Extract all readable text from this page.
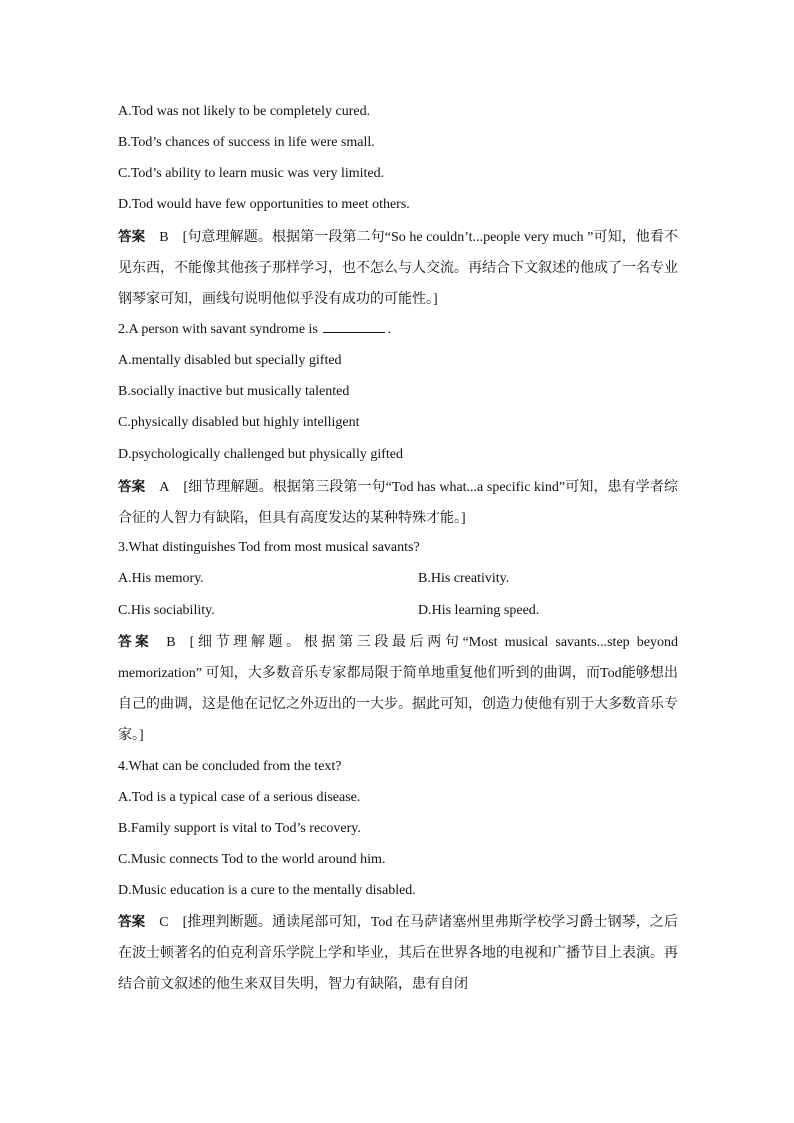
A.Tod was not likely to be completely cured.
B.Tod’s chances of success in life were small.
C.Tod’s ability to learn music was very limited.
D.Tod would have few opportunities to meet others.
答案 B [句意理解题。根据第一段第二句“So he couldn’t...people very much ”可知，他看不见东西，不能像其他孩子那样学习，也不怎么与人交流。再结合下文叙述的他成了一名专业钢琴家可知，画线句说明他似乎没有成功的可能性。]
2.A person with savant syndrome is	.
A.mentally disabled but specially gifted
B.socially inactive but musically talented
C.physically disabled but highly intelligent
D.psychologically challenged but physically gifted
答案 A [细节理解题。根据第三段第一句“Tod has what...a specific kind”可知，患有学者综合征的人智力有缺陷，但具有高度发达的某种特殊才能。]
3.What distinguishes Tod from most musical savants?
A.His memory.	B.His creativity.
C.His sociability.	D.His learning speed.
答案 B [细节理解题。根据第三段最后两句“Most musical savants...step beyond memorization” 可知，大多数音乐专家都局限于简单地重复他们听到的曲调，而Tod能够想出自己的曲调，这是他在记忆之外迈出的一大步。据此可知，创造力使他有别于大多数音乐专家。]
4.What can be concluded from the text?
A.Tod is a typical case of a serious disease.
B.Family support is vital to Tod’s recovery.
C.Music connects Tod to the world around him.
D.Music education is a cure to the mentally disabled.
答案 C [推理判断题。通读尾部可知，Tod 在马萨诸塞州里弗斯学校学习爵士钢琴，之后在波士顿著名的伯克利音乐学院上学和毕业，其后在世界各地的电视和广播节目上表演。再结合前文叙述的他生来双目失明，智力有缺陷，患有自闭
